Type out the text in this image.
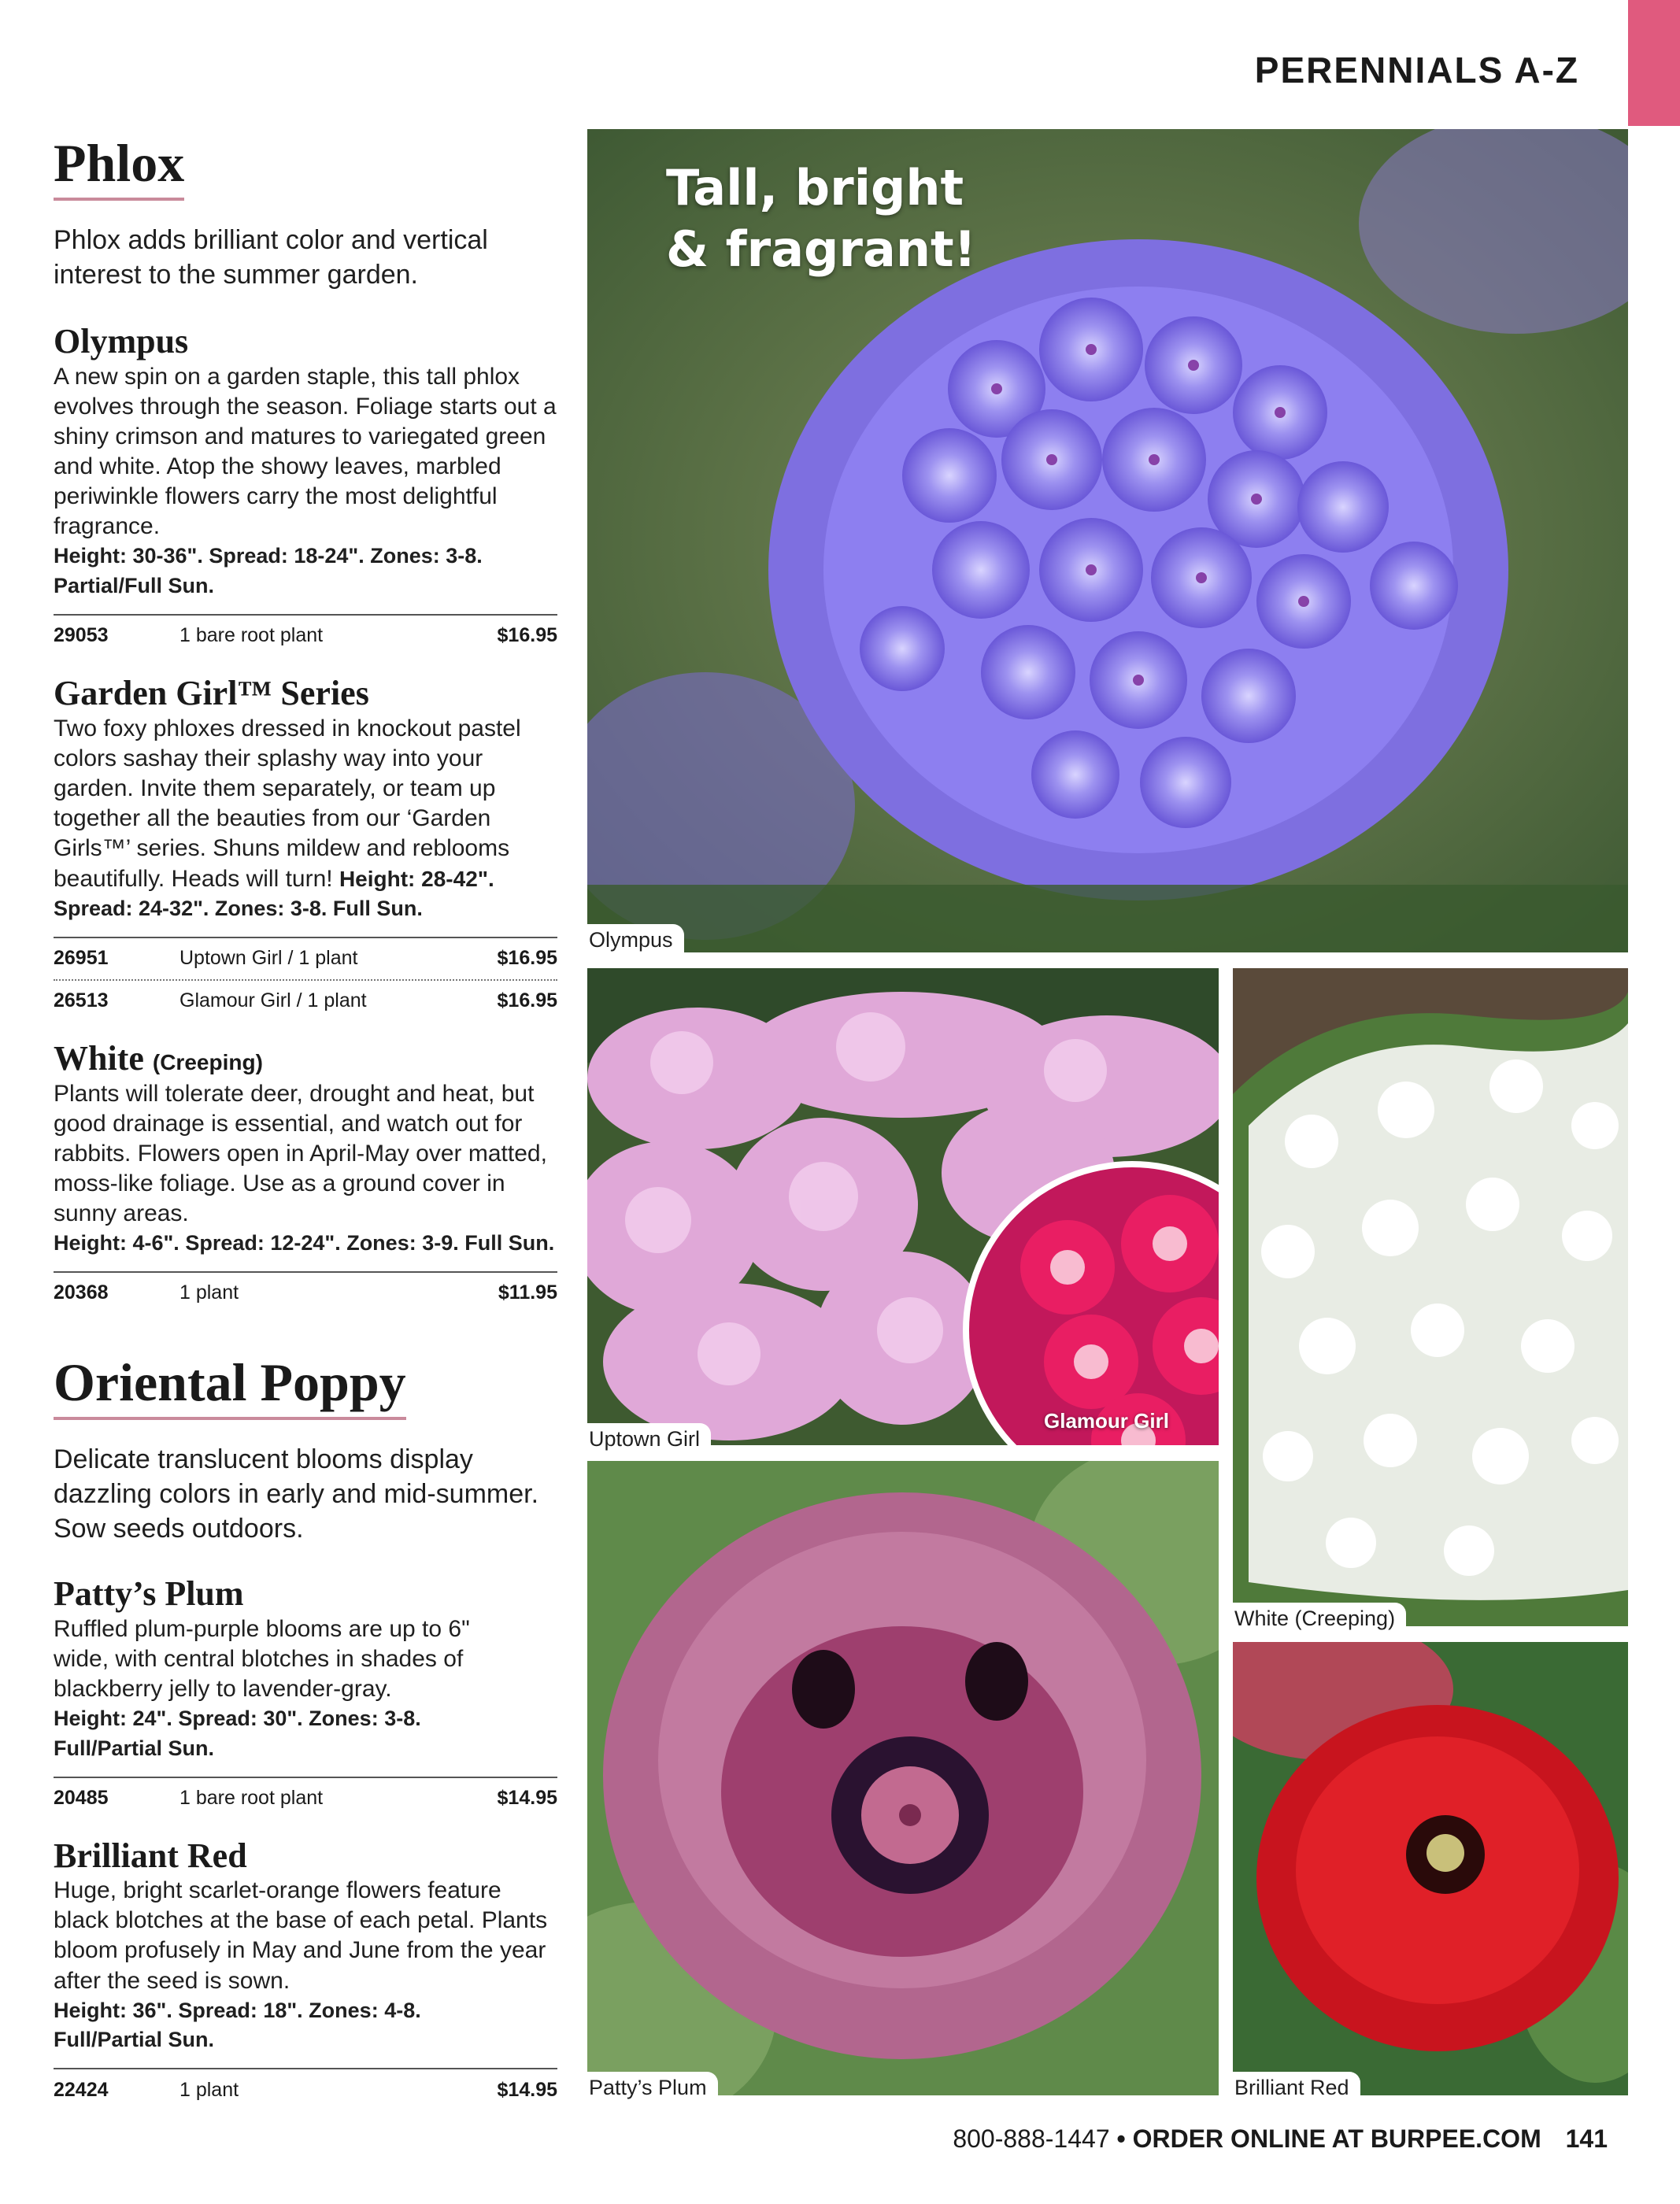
PERENNIALS A-Z
Phlox
Phlox adds brilliant color and vertical interest to the summer garden.
Olympus
A new spin on a garden staple, this tall phlox evolves through the season. Foliage starts out a shiny crimson and matures to variegated green and white. Atop the showy leaves, marbled periwinkle flowers carry the most delightful fragrance.
Height: 30-36". Spread: 18-24". Zones: 3-8. Partial/Full Sun.
29053	1 bare root plant	$16.95
Garden Girl™ Series
Two foxy phloxes dressed in knockout pastel colors sashay their splashy way into your garden. Invite them separately, or team up together all the beauties from our ‘Garden Girls™’ series. Shuns mildew and reblooms beautifully. Heads will turn! Height: 28-42".
Spread: 24-32". Zones: 3-8. Full Sun.
26951	Uptown Girl / 1 plant	$16.95
26513	Glamour Girl / 1 plant	$16.95
White (Creeping)
Plants will tolerate deer, drought and heat, but good drainage is essential, and watch out for rabbits. Flowers open in April-May over matted, moss-like foliage. Use as a ground cover in sunny areas.
Height: 4-6". Spread: 12-24". Zones: 3-9. Full Sun.
20368	1 plant	$11.95
Oriental Poppy
Delicate translucent blooms display dazzling colors in early and mid-summer. Sow seeds outdoors.
Patty’s Plum
Ruffled plum-purple blooms are up to 6" wide, with central blotches in shades of blackberry jelly to lavender-gray.
Height: 24". Spread: 30". Zones: 3-8. Full/Partial Sun.
20485	1 bare root plant	$14.95
Brilliant Red
Huge, bright scarlet-orange flowers feature black blotches at the base of each petal. Plants bloom profusely in May and June from the year after the seed is sown.
Height: 36". Spread: 18". Zones: 4-8. Full/Partial Sun.
22424	1 plant	$14.95
Tall, bright
& fragrant!
Olympus
Glamour Girl
Uptown Girl
White (Creeping)
Patty’s Plum	Brilliant Red
800-888-1447 • ORDER ONLINE AT BURPEE.COM 141
